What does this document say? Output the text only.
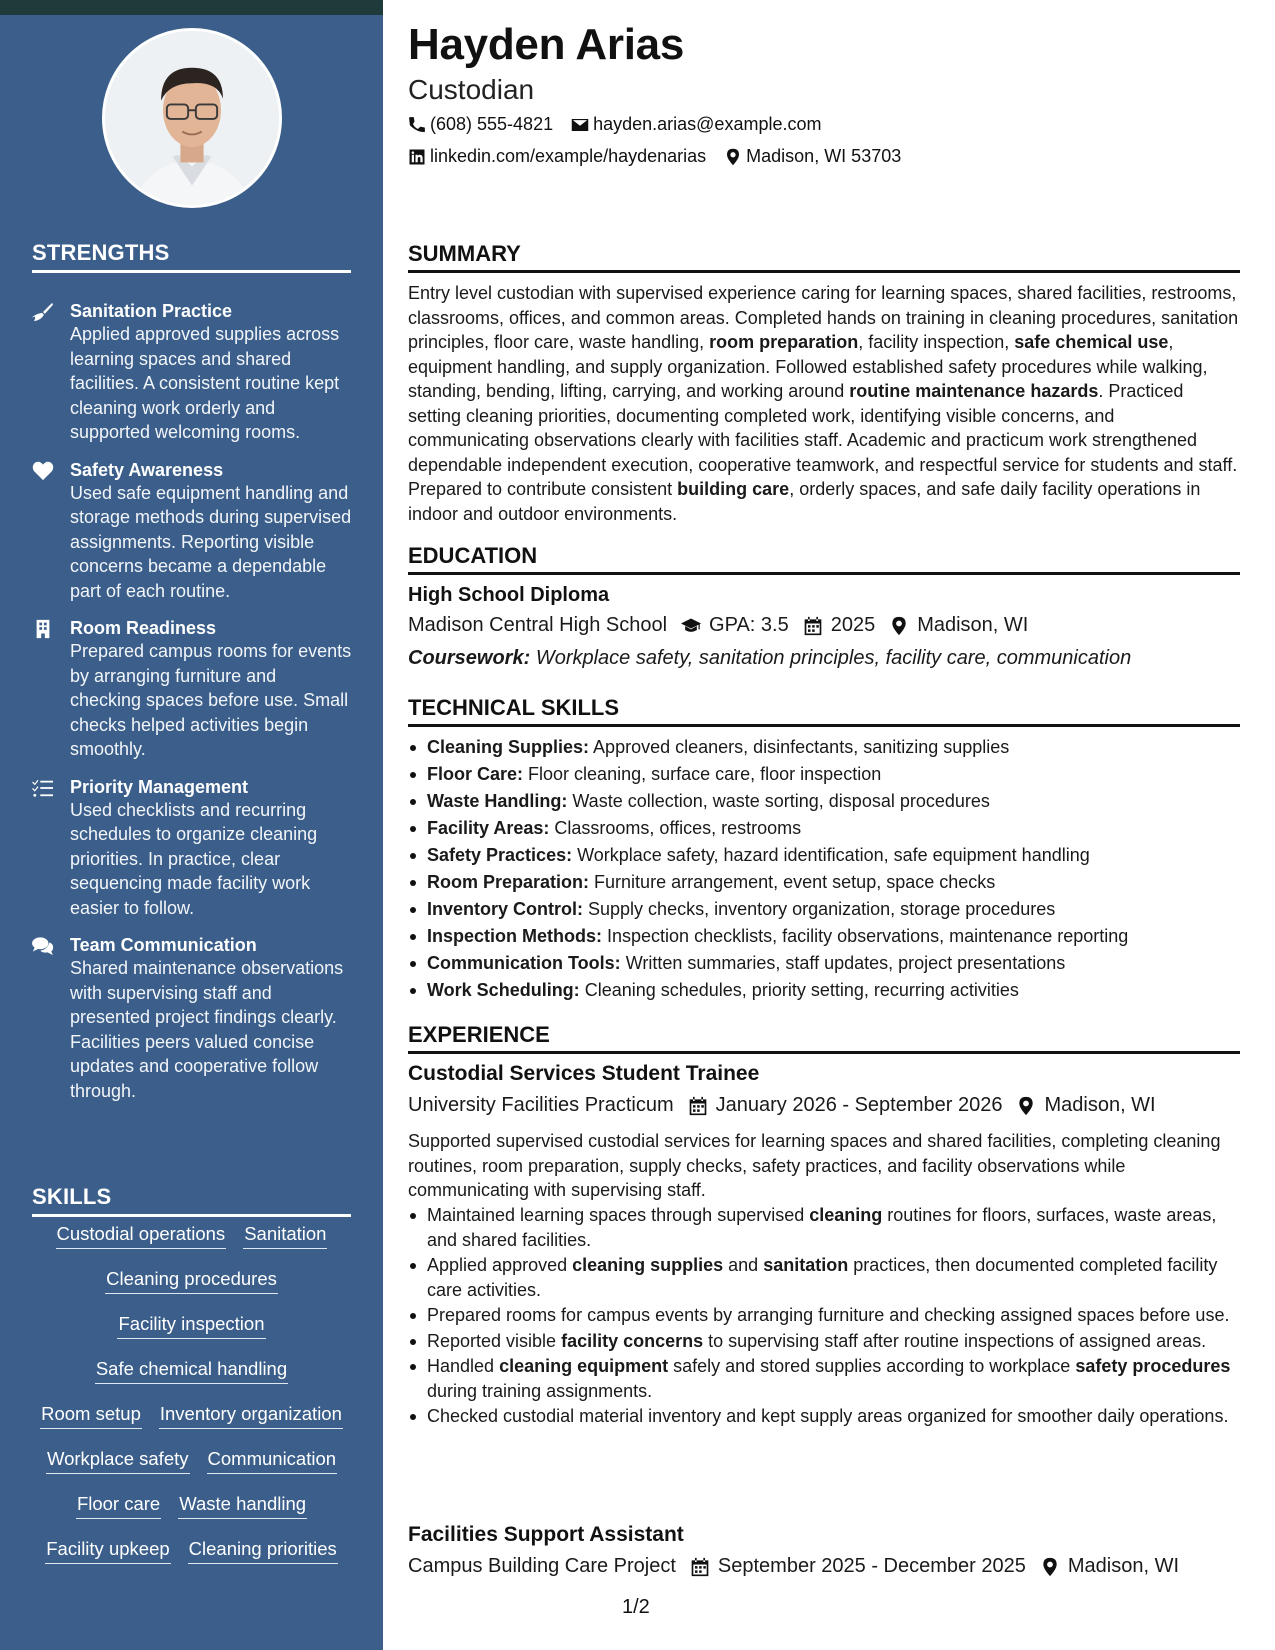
STRENGTHS
Sanitation Practice
Applied approved supplies across learning spaces and shared facilities. A consistent routine kept cleaning work orderly and supported welcoming rooms.
Safety Awareness
Used safe equipment handling and storage methods during supervised assignments. Reporting visible concerns became a dependable part of each routine.
Room Readiness
Prepared campus rooms for events by arranging furniture and checking spaces before use. Small checks helped activities begin smoothly.
Priority Management
Used checklists and recurring schedules to organize cleaning priorities. In practice, clear sequencing made facility work easier to follow.
Team Communication
Shared maintenance observations with supervising staff and presented project findings clearly. Facilities peers valued concise updates and cooperative follow through.
SKILLS
Custodial operations Sanitation
Cleaning procedures
Facility inspection
Safe chemical handling
Room setup Inventory organization
Workplace safety Communication
Floor care Waste handling
Facility upkeep Cleaning priorities
Hayden Arias
Custodian
(608) 555-4821 hayden.arias@example.com
linkedin.com/example/haydenarias Madison, WI 53703
SUMMARY
Entry level custodian with supervised experience caring for learning spaces, shared facilities, restrooms, classrooms, offices, and common areas. Completed hands on training in cleaning procedures, sanitation principles, floor care, waste handling, room preparation, facility inspection, safe chemical use, equipment handling, and supply organization. Followed established safety procedures while walking, standing, bending, lifting, carrying, and working around routine maintenance hazards. Practiced setting cleaning priorities, documenting completed work, identifying visible concerns, and communicating observations clearly with facilities staff. Academic and practicum work strengthened dependable independent execution, cooperative teamwork, and respectful service for students and staff. Prepared to contribute consistent building care, orderly spaces, and safe daily facility operations in indoor and outdoor environments.
EDUCATION
High School Diploma
Madison Central High School GPA: 3.5 2025 Madison, WI
Coursework: Workplace safety, sanitation principles, facility care, communication
TECHNICAL SKILLS
Cleaning Supplies: Approved cleaners, disinfectants, sanitizing supplies
Floor Care: Floor cleaning, surface care, floor inspection
Waste Handling: Waste collection, waste sorting, disposal procedures
Facility Areas: Classrooms, offices, restrooms
Safety Practices: Workplace safety, hazard identification, safe equipment handling
Room Preparation: Furniture arrangement, event setup, space checks
Inventory Control: Supply checks, inventory organization, storage procedures
Inspection Methods: Inspection checklists, facility observations, maintenance reporting
Communication Tools: Written summaries, staff updates, project presentations
Work Scheduling: Cleaning schedules, priority setting, recurring activities
EXPERIENCE
Custodial Services Student Trainee
University Facilities Practicum January 2026 - September 2026 Madison, WI
Supported supervised custodial services for learning spaces and shared facilities, completing cleaning routines, room preparation, supply checks, safety practices, and facility observations while communicating with supervising staff.
Maintained learning spaces through supervised cleaning routines for floors, surfaces, waste areas, and shared facilities.
Applied approved cleaning supplies and sanitation practices, then documented completed facility care activities.
Prepared rooms for campus events by arranging furniture and checking assigned spaces before use.
Reported visible facility concerns to supervising staff after routine inspections of assigned areas.
Handled cleaning equipment safely and stored supplies according to workplace safety procedures during training assignments.
Checked custodial material inventory and kept supply areas organized for smoother daily operations.
Facilities Support Assistant
Campus Building Care Project September 2025 - December 2025 Madison, WI
1/2
